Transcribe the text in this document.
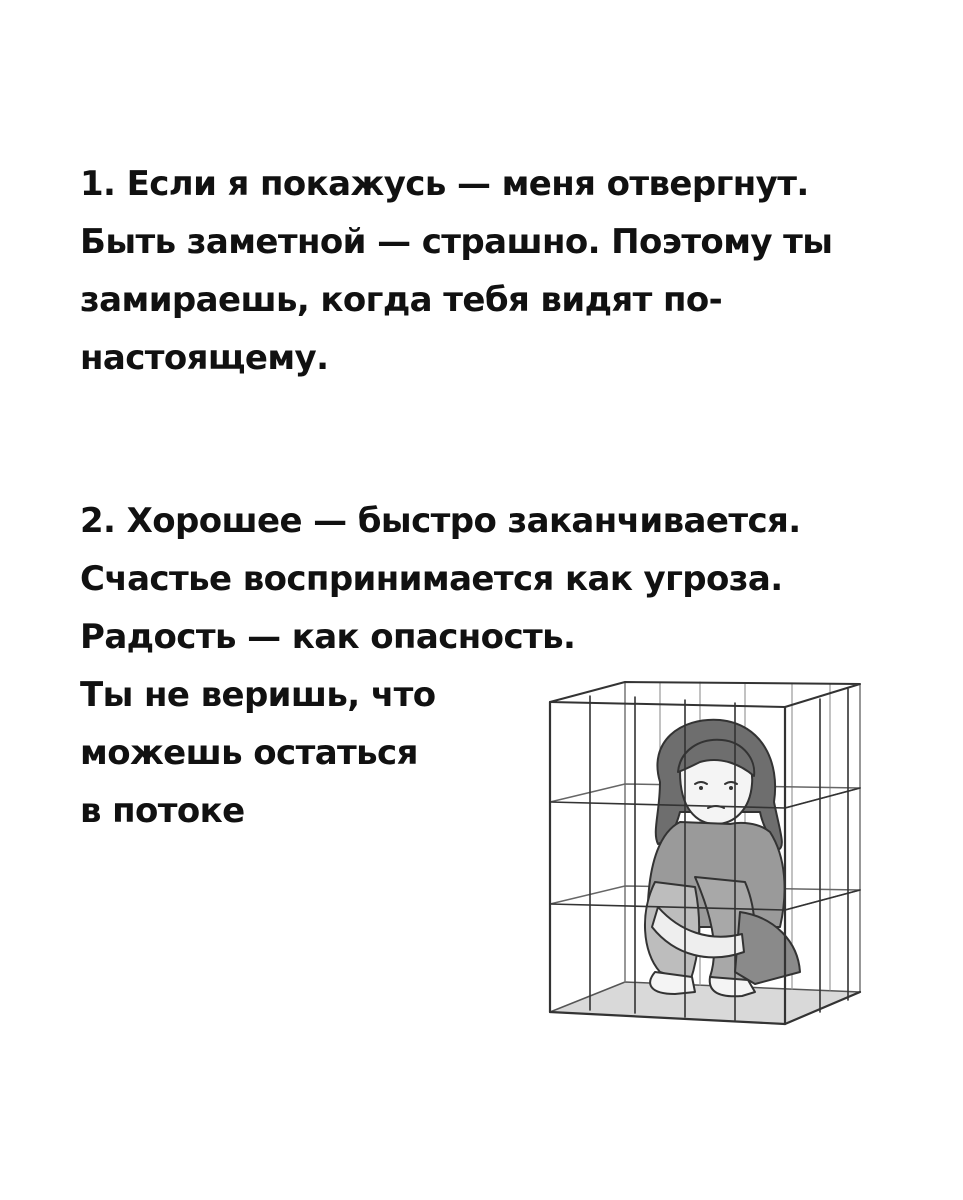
1. Если я покажусь — меня отвергнут.
Быть заметной — страшно. Поэтому ты
замираешь, когда тебя видят по-
настоящему.
2. Хорошее — быстро заканчивается.
Счастье воспринимается как угроза.
Радость — как опасность.
Ты не веришь, что
можешь остаться
в потоке
